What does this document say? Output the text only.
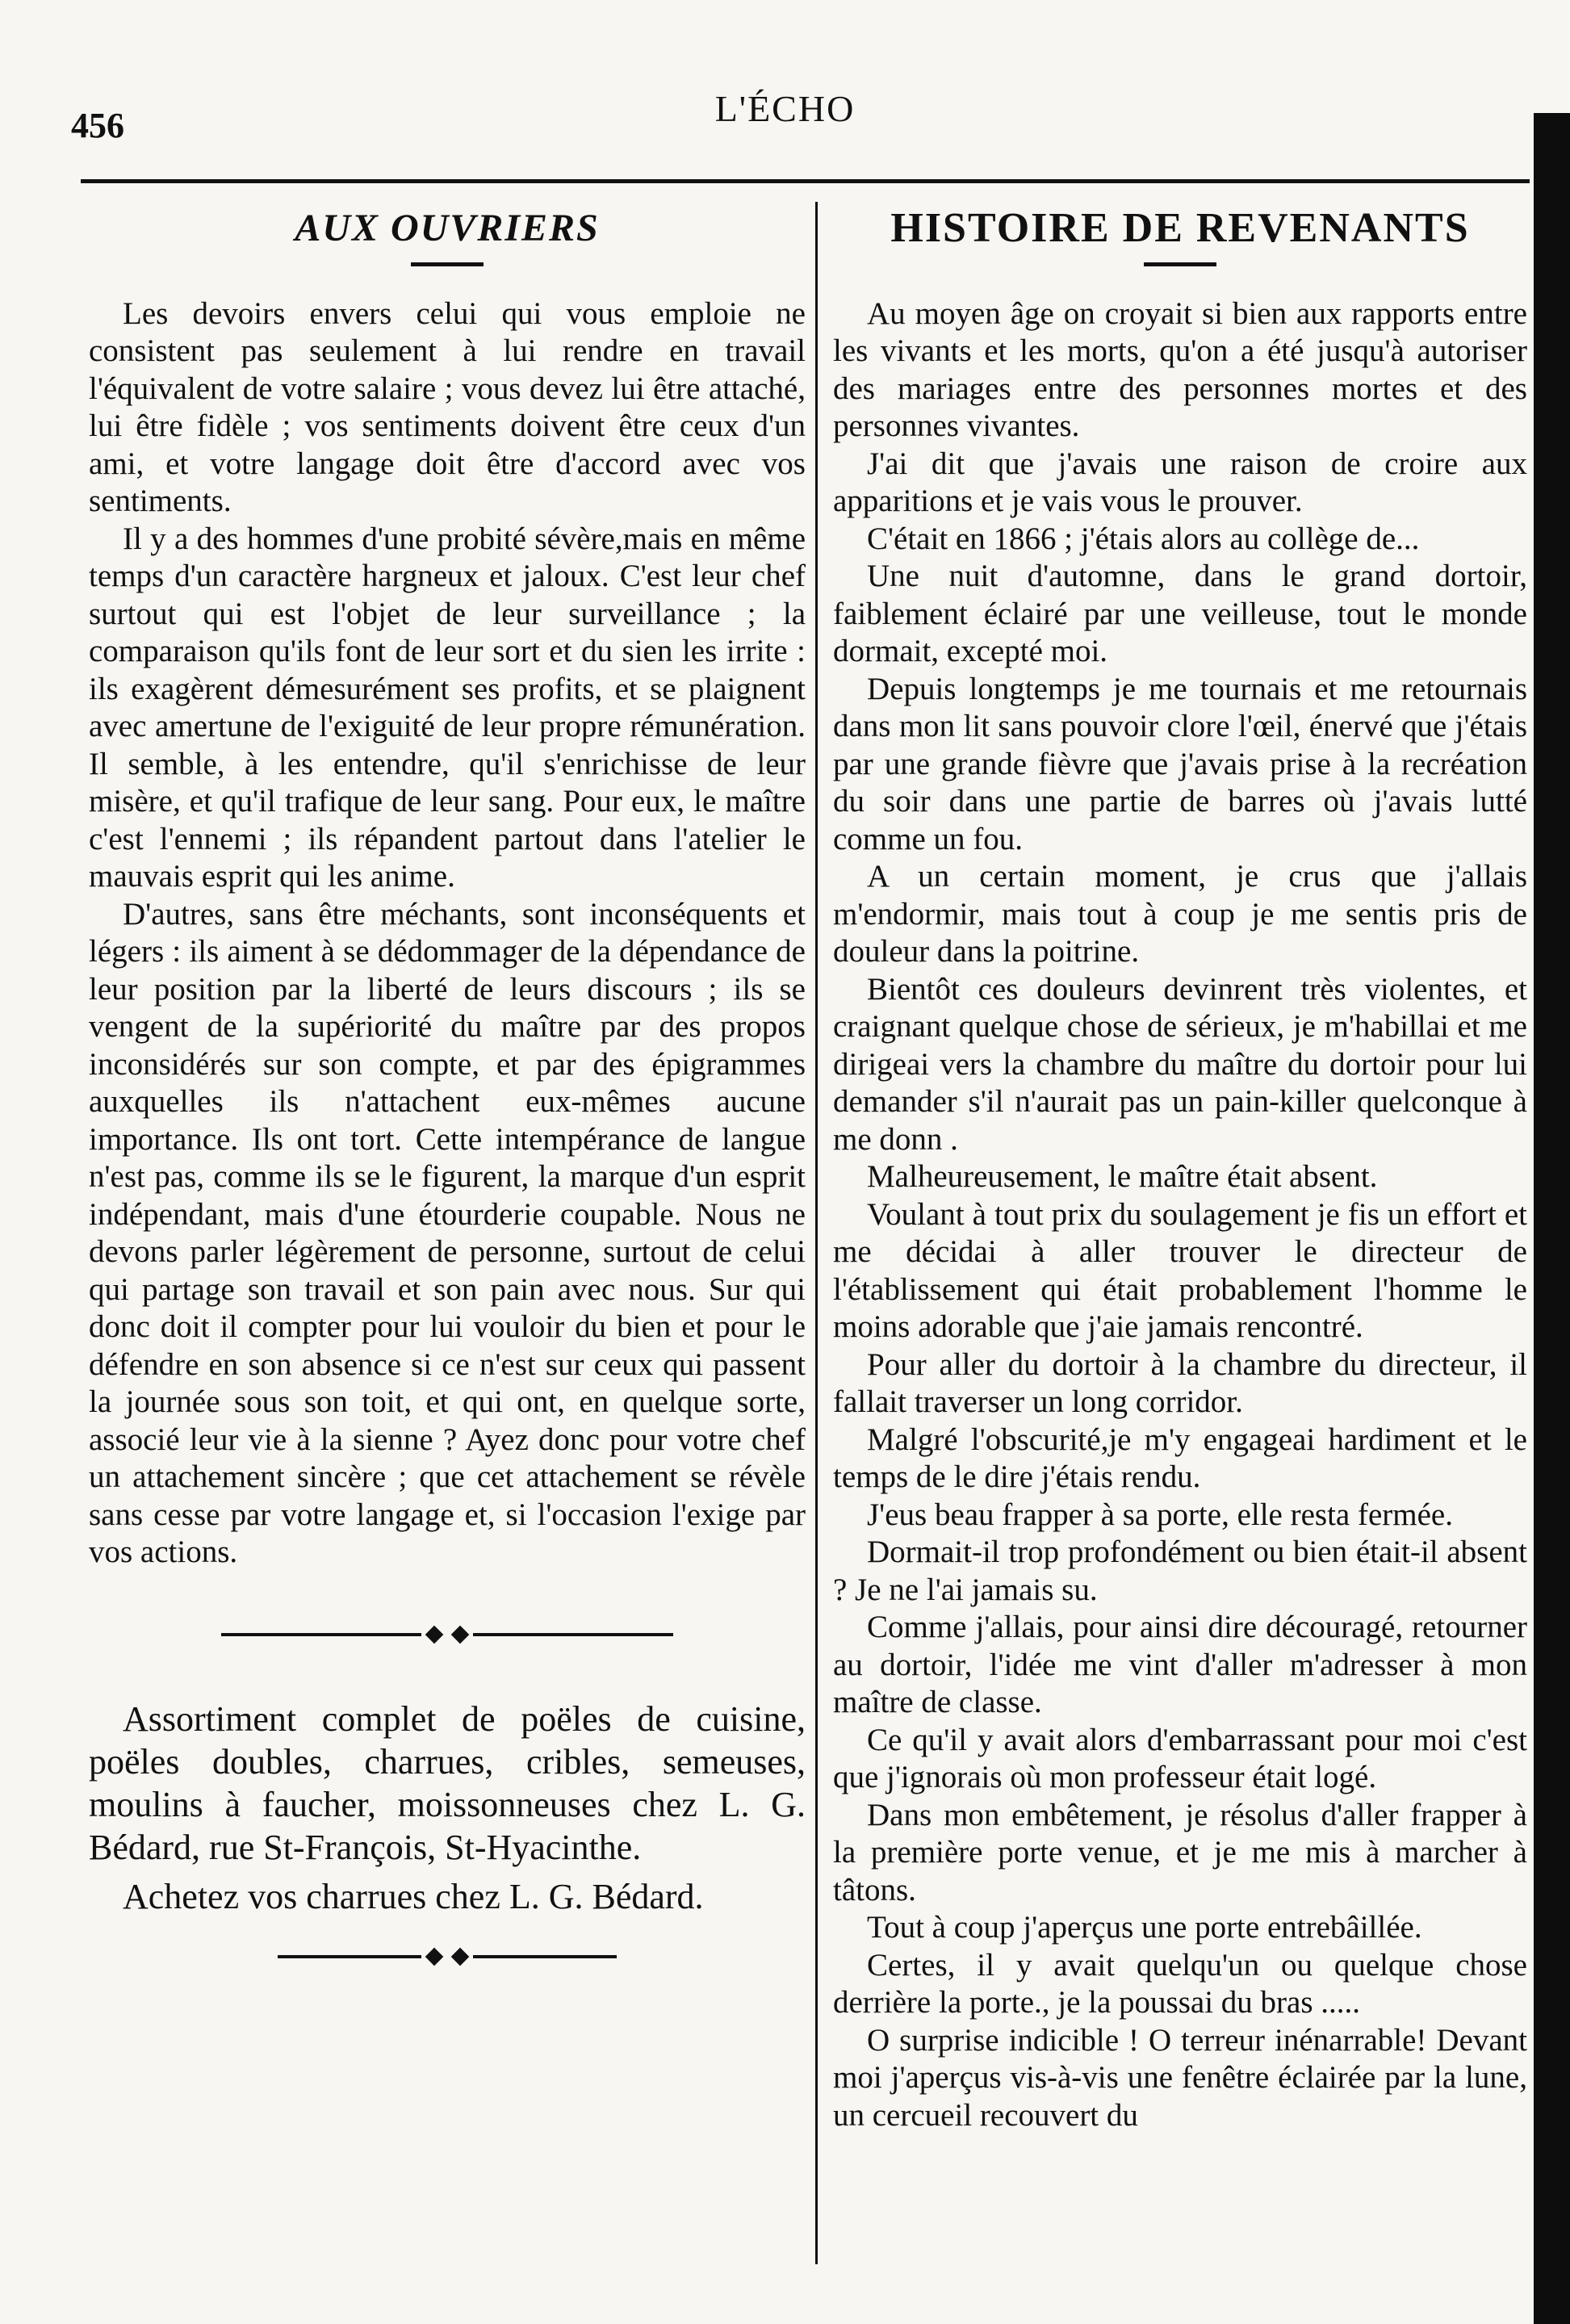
456	L'ÉCHO
AUX OUVRIERS

Les devoirs envers celui qui vous emploie ne consistent pas seulement à lui rendre en travail l'équivalent de votre salaire ; vous devez lui être attaché, lui être fidèle ; vos sentiments doivent être ceux d'un ami, et votre langage doit être d'accord avec vos sentiments.

Il y a des hommes d'une probité sévère,mais en même temps d'un caractère hargneux et jaloux. C'est leur chef surtout qui est l'objet de leur surveillance ; la comparaison qu'ils font de leur sort et du sien les irrite : ils exagèrent démesurément ses profits, et se plaignent avec amertune de l'exiguité de leur propre rémunération. Il semble, à les entendre, qu'il s'enrichisse de leur misère, et qu'il trafique de leur sang. Pour eux, le maître c'est l'ennemi ; ils répandent partout dans l'atelier le mauvais esprit qui les anime.

D'autres, sans être méchants, sont inconséquents et légers : ils aiment à se dédommager de la dépendance de leur position par la liberté de leurs discours ; ils se vengent de la supériorité du maître par des propos inconsidérés sur son compte, et par des épigrammes auxquelles ils n'attachent eux-mêmes aucune importance. Ils ont tort. Cette intempérance de langue n'est pas, comme ils se le figurent, la marque d'un esprit indépendant, mais d'une étourderie coupable. Nous ne devons parler légèrement de personne, surtout de celui qui partage son travail et son pain avec nous. Sur qui donc doit il compter pour lui vouloir du bien et pour le défendre en son absence si ce n'est sur ceux qui passent la journée sous son toit, et qui ont, en quelque sorte, associé leur vie à la sienne ? Ayez donc pour votre chef un attachement sincère ; que cet attachement se révèle sans cesse par votre langage et, si l'occasion l'exige par vos actions.

Assortiment complet de poëles de cuisine, poëles doubles, charrues, cribles, semeuses, moulins à faucher, moissonneuses chez L. G. Bédard, rue St-François, St-Hyacinthe.

Achetez vos charrues chez L. G. Bédard.

HISTOIRE DE REVENANTS

Au moyen âge on croyait si bien aux rapports entre les vivants et les morts, qu'on a été jusqu'à autoriser des mariages entre des personnes mortes et des personnes vivantes.

J'ai dit que j'avais une raison de croire aux apparitions et je vais vous le prouver.

C'était en 1866 ; j'étais alors au collège de...

Une nuit d'automne, dans le grand dortoir, faiblement éclairé par une veilleuse, tout le monde dormait, excepté moi.

Depuis longtemps je me tournais et me retournais dans mon lit sans pouvoir clore l'œil, énervé que j'étais par une grande fièvre que j'avais prise à la recréation du soir dans une partie de barres où j'avais lutté comme un fou.

A un certain moment, je crus que j'allais m'endormir, mais tout à coup je me sentis pris de douleur dans la poitrine.

Bientôt ces douleurs devinrent très violentes, et craignant quelque chose de sérieux, je m'habillai et me dirigeai vers la chambre du maître du dortoir pour lui demander s'il n'aurait pas un pain-killer quelconque à me donn .

Malheureusement, le maître était absent.

Voulant à tout prix du soulagement je fis un effort et me décidai à aller trouver le directeur de l'établissement qui était probablement l'homme le moins adorable que j'aie jamais rencontré.

Pour aller du dortoir à la chambre du directeur, il fallait traverser un long corridor.

Malgré l'obscurité,je m'y engageai hardiment et le temps de le dire j'étais rendu.

J'eus beau frapper à sa porte, elle resta fermée.

Dormait-il trop profondément ou bien était-il absent ? Je ne l'ai jamais su.

Comme j'allais, pour ainsi dire découragé, retourner au dortoir, l'idée me vint d'aller m'adresser à mon maître de classe.

Ce qu'il y avait alors d'embarrassant pour moi c'est que j'ignorais où mon professeur était logé.

Dans mon embêtement, je résolus d'aller frapper à la première porte venue, et je me mis à marcher à tâtons.

Tout à coup j'aperçus une porte entrebâillée.

Certes, il y avait quelqu'un ou quelque chose derrière la porte., je la poussai du bras .....

O surprise indicible ! O terreur inénarrable! Devant moi j'aperçus vis-à-vis une fenêtre éclairée par la lune, un cercueil recouvert du
